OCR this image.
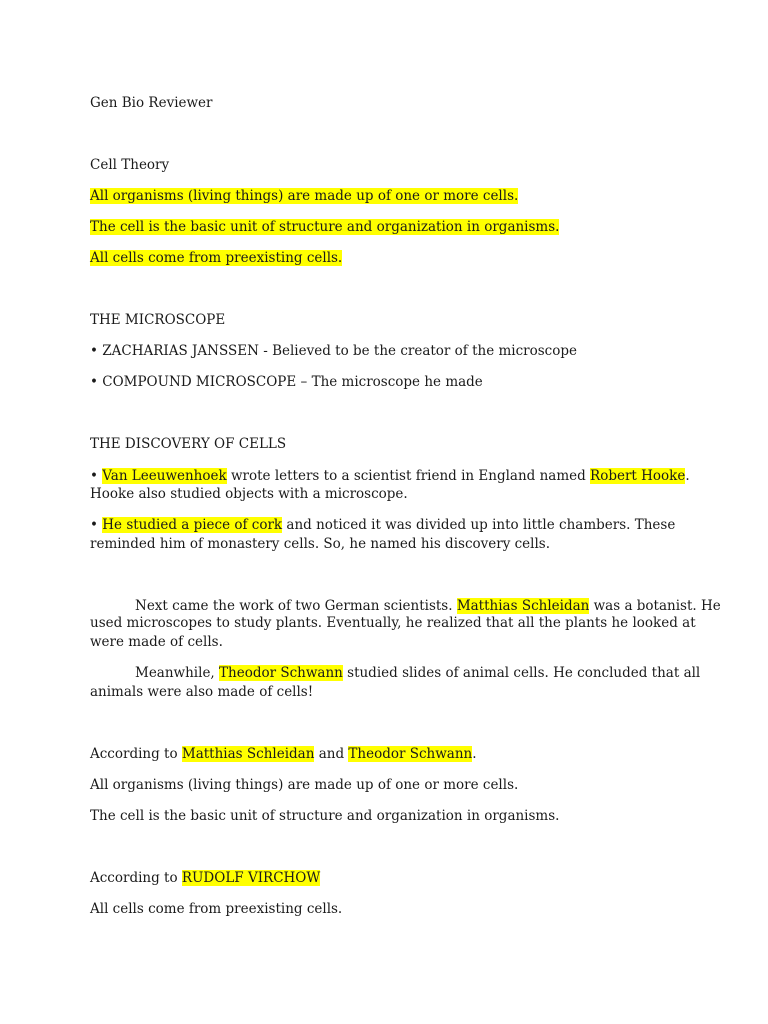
Gen Bio Reviewer
Cell Theory
All organisms (living things) are made up of one or more cells.
The cell is the basic unit of structure and organization in organisms.
All cells come from preexisting cells.
THE MICROSCOPE
• ZACHARIAS JANSSEN - Believed to be the creator of the microscope
• COMPOUND MICROSCOPE – The microscope he made
THE DISCOVERY OF CELLS
• Van Leeuwenhoek wrote letters to a scientist friend in England named Robert Hooke.
Hooke also studied objects with a microscope.
• He studied a piece of cork and noticed it was divided up into little chambers. These
reminded him of monastery cells. So, he named his discovery cells.
Next came the work of two German scientists. Matthias Schleidan was a botanist. He
used microscopes to study plants. Eventually, he realized that all the plants he looked at
were made of cells.
Meanwhile, Theodor Schwann studied slides of animal cells. He concluded that all
animals were also made of cells!
According to Matthias Schleidan and Theodor Schwann.
All organisms (living things) are made up of one or more cells.
The cell is the basic unit of structure and organization in organisms.
According to RUDOLF VIRCHOW
All cells come from preexisting cells.
